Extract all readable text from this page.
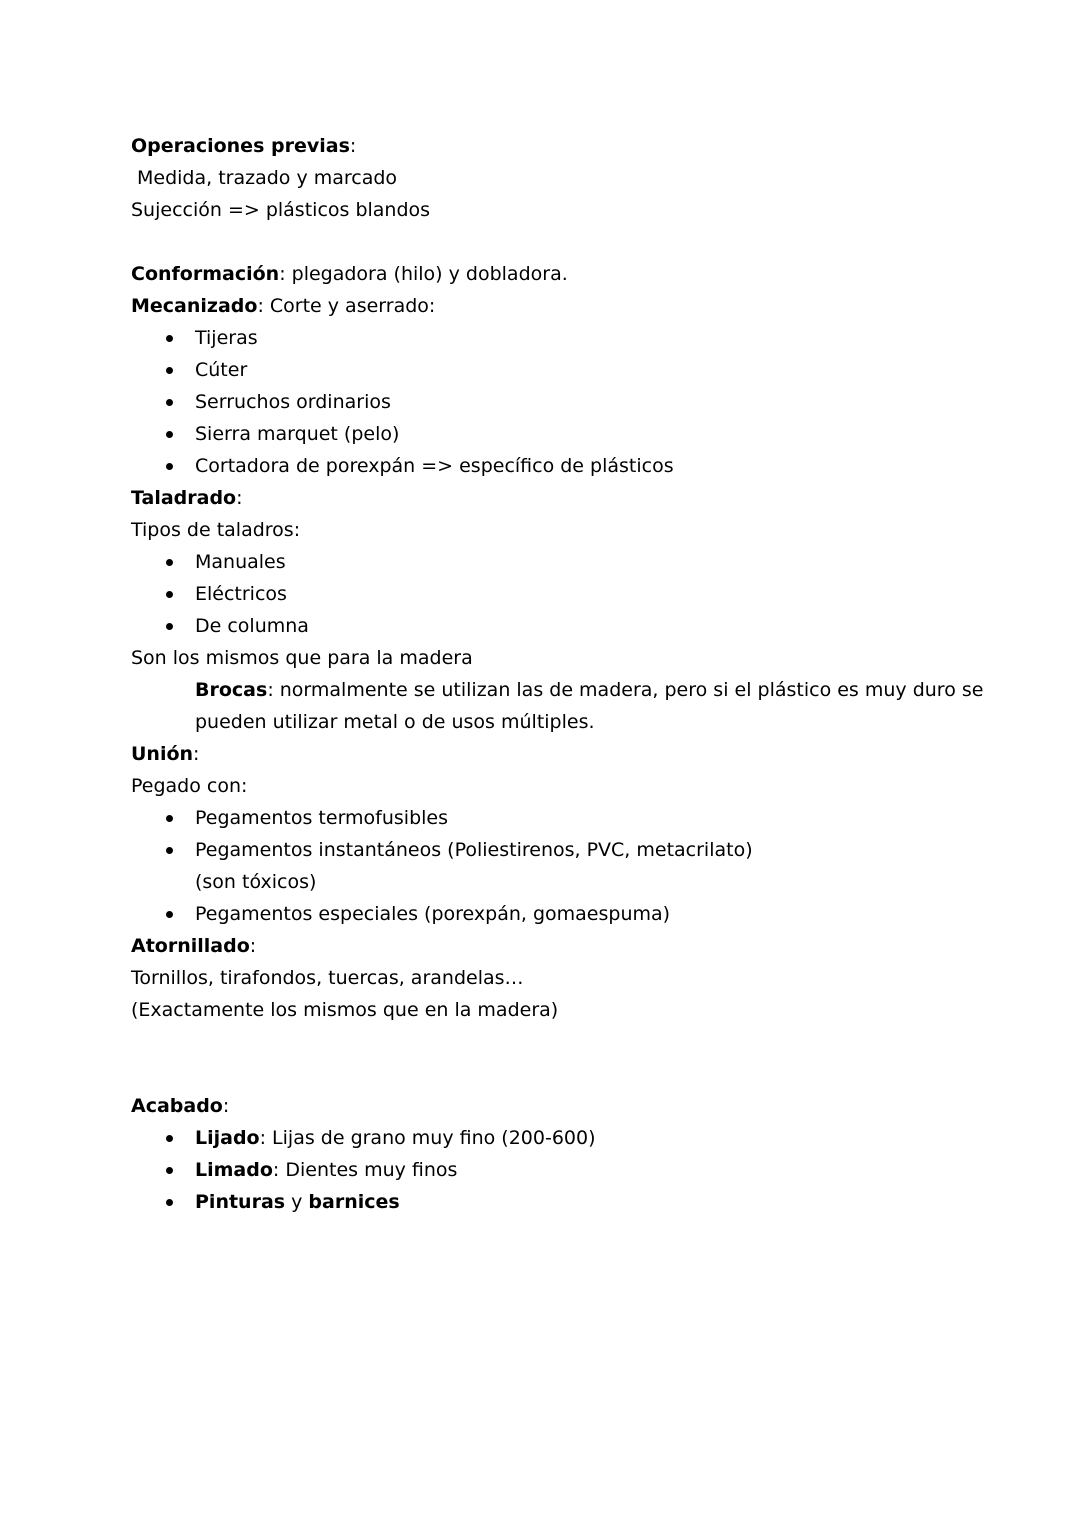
Operaciones previas:

Medida, trazado y marcado

Sujección => plásticos blandos

Conformación: plegadora (hilo) y dobladora.

Mecanizado: Corte y aserrado:

Tijeras
Cúter
Serruchos ordinarios
Sierra marquet (pelo)
Cortadora de porexpán => específico de plásticos

Taladrado:

Tipos de taladros:

Manuales
Eléctricos
De columna

Son los mismos que para la madera

Brocas: normalmente se utilizan las de madera, pero si el plástico es muy duro se pueden utilizar metal o de usos múltiples.

Unión:

Pegado con:

Pegamentos termofusibles
Pegamentos instantáneos (Poliestirenos, PVC, metacrilato)
(son tóxicos)
Pegamentos especiales (porexpán, gomaespuma)

Atornillado:

Tornillos, tirafondos, tuercas, arandelas…

(Exactamente los mismos que en la madera)

Acabado:

Lijado: Lijas de grano muy fino (200-600)
Limado: Dientes muy finos
Pinturas y barnices
